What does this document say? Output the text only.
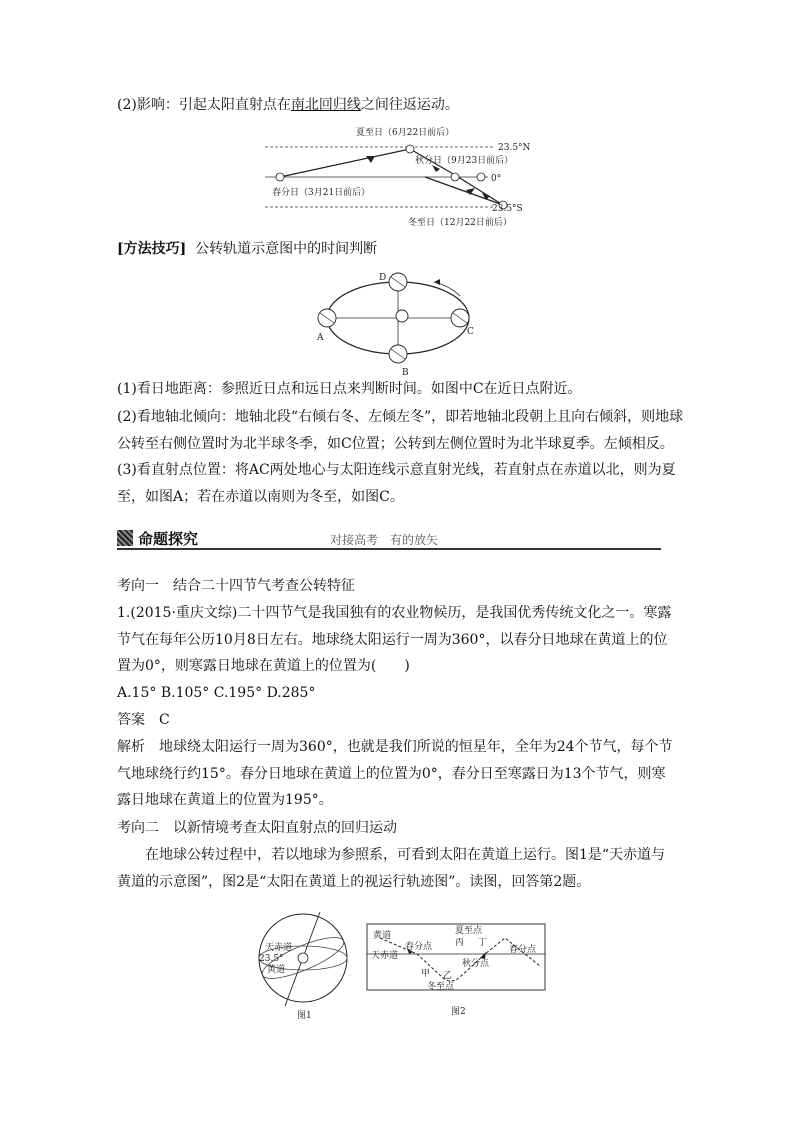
(2)影响：引起太阳直射点在南北回归线之间往返运动。
夏至日（6月22日前后）
23.5°N
秋分日（9月23日前后）
0°
春分日（3月21日前后）
23.5°S
冬至日（12月22日前后）
[方法技巧] 公转轨道示意图中的时间判断
A
B
C
D
(1)看日地距离：参照近日点和远日点来判断时间。如图中C在近日点附近。
(2)看地轴北倾向：地轴北段“右倾右冬、左倾左冬”，即若地轴北段朝上且向右倾斜，则地球
公转至右侧位置时为北半球冬季，如C位置；公转到左侧位置时为北半球夏季。左倾相反。
(3)看直射点位置：将AC两处地心与太阳连线示意直射光线，若直射点在赤道以北，则为夏
至，如图A；若在赤道以南则为冬至，如图C。
命题探究	对接高考　有的放矢
考向一　结合二十四节气考查公转特征
1.(2015·重庆文综)二十四节气是我国独有的农业物候历，是我国优秀传统文化之一。寒露
节气在每年公历10月8日左右。地球绕太阳运行一周为360°，以春分日地球在黄道上的位
置为0°，则寒露日地球在黄道上的位置为(　　)
A.15° B.105° C.195° D.285°
答案　C
解析　地球绕太阳运行一周为360°，也就是我们所说的恒星年，全年为24个节气，每个节
气地球绕行约15°。春分日地球在黄道上的位置为0°，春分日至寒露日为13个节气，则寒
露日地球在黄道上的位置为195°。
考向二　以新情境考查太阳直射点的回归运动
在地球公转过程中，若以地球为参照系，可看到太阳在黄道上运行。图1是“天赤道与
黄道的示意图”，图2是“太阳在黄道上的视运行轨迹图”。读图，回答第2题。
天赤道
黄道
23.5°
图1
黄道
天赤道
春分点
夏至点
丙 丁
秋分点
春分点
甲 乙
冬至点
图2
